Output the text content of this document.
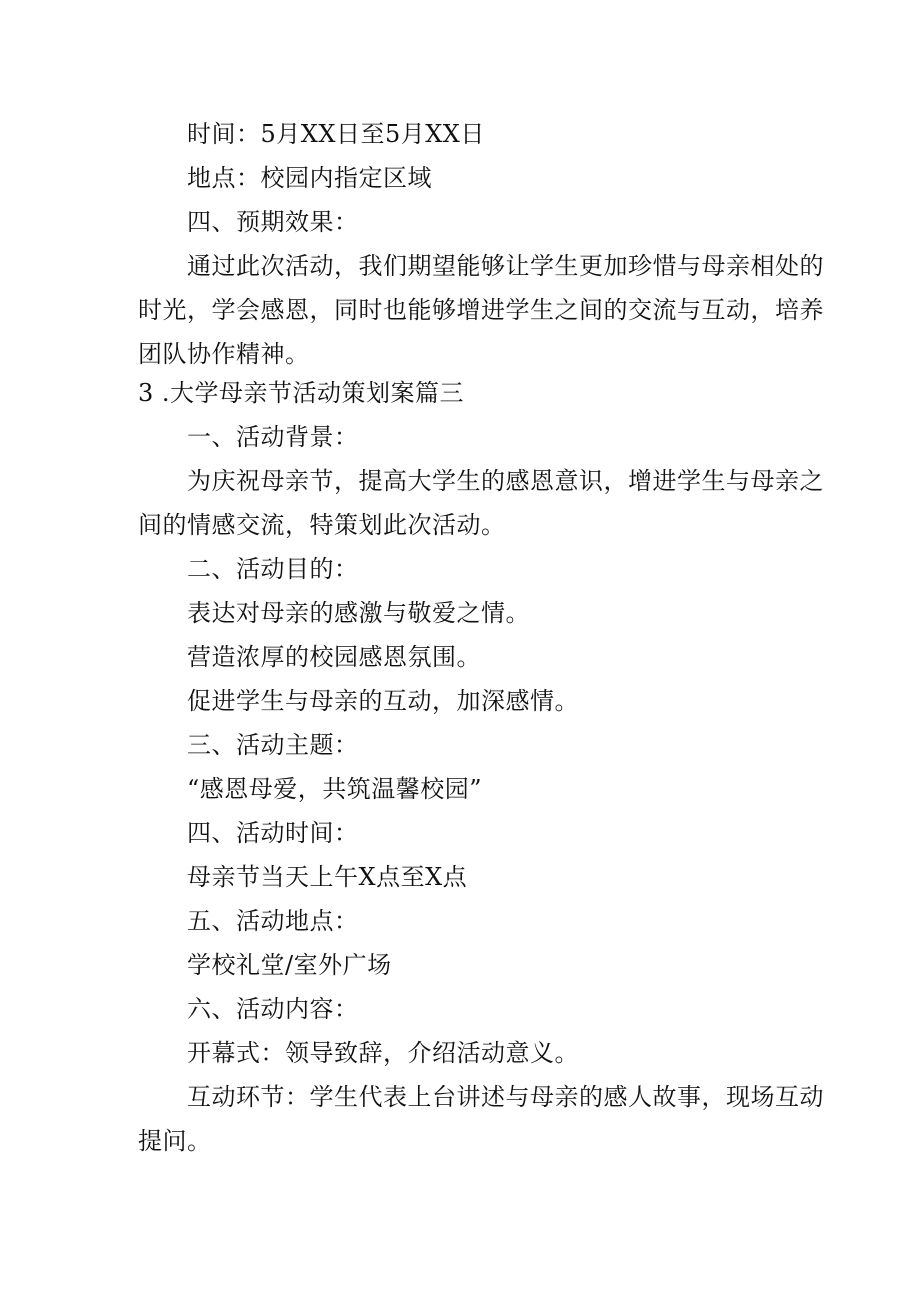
时间：5月XX日至5月XX日
地点：校园内指定区域
四、预期效果：
通过此次活动，我们期望能够让学生更加珍惜与母亲相处的
时光，学会感恩，同时也能够增进学生之间的交流与互动，培养
团队协作精神。
3 .大学母亲节活动策划案篇三
一、活动背景：
为庆祝母亲节，提高大学生的感恩意识，增进学生与母亲之
间的情感交流，特策划此次活动。
二、活动目的：
表达对母亲的感激与敬爱之情。
营造浓厚的校园感恩氛围。
促进学生与母亲的互动，加深感情。
三、活动主题：
“感恩母爱，共筑温馨校园”
四、活动时间：
母亲节当天上午X点至X点
五、活动地点：
学校礼堂/室外广场
六、活动内容：
开幕式：领导致辞，介绍活动意义。
互动环节：学生代表上台讲述与母亲的感人故事，现场互动
提问。
